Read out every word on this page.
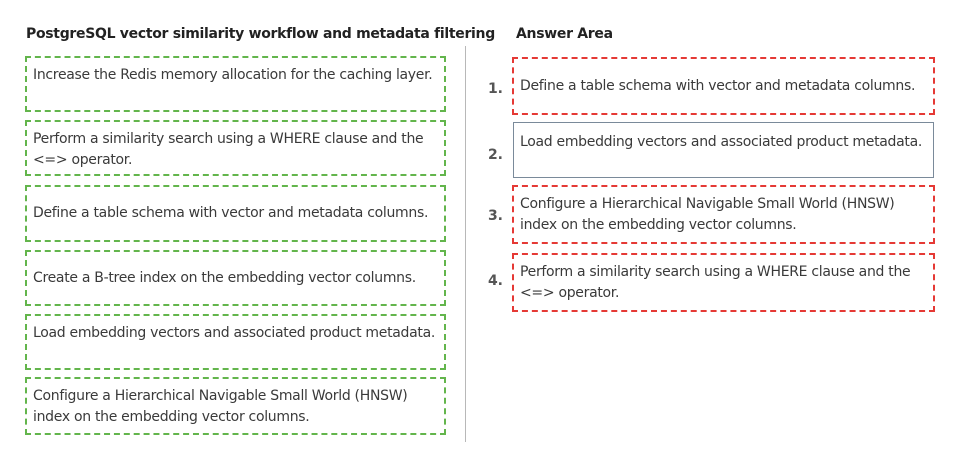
PostgreSQL vector similarity workflow and metadata filtering Answer Area
Increase the Redis memory allocation for the caching layer.
Perform a similarity search using a WHERE clause and the <=> operator.
Define a table schema with vector and metadata columns.
Create a B-tree index on the embedding vector columns.
Load embedding vectors and associated product metadata.
Configure a Hierarchical Navigable Small World (HNSW) index on the embedding vector columns.
1. Define a table schema with vector and metadata columns.
2.
Load embedding vectors and associated product metadata.
3.
Configure a Hierarchical Navigable Small World (HNSW) index on the embedding vector columns.
4.
Perform a similarity search using a WHERE clause and the <=> operator.
